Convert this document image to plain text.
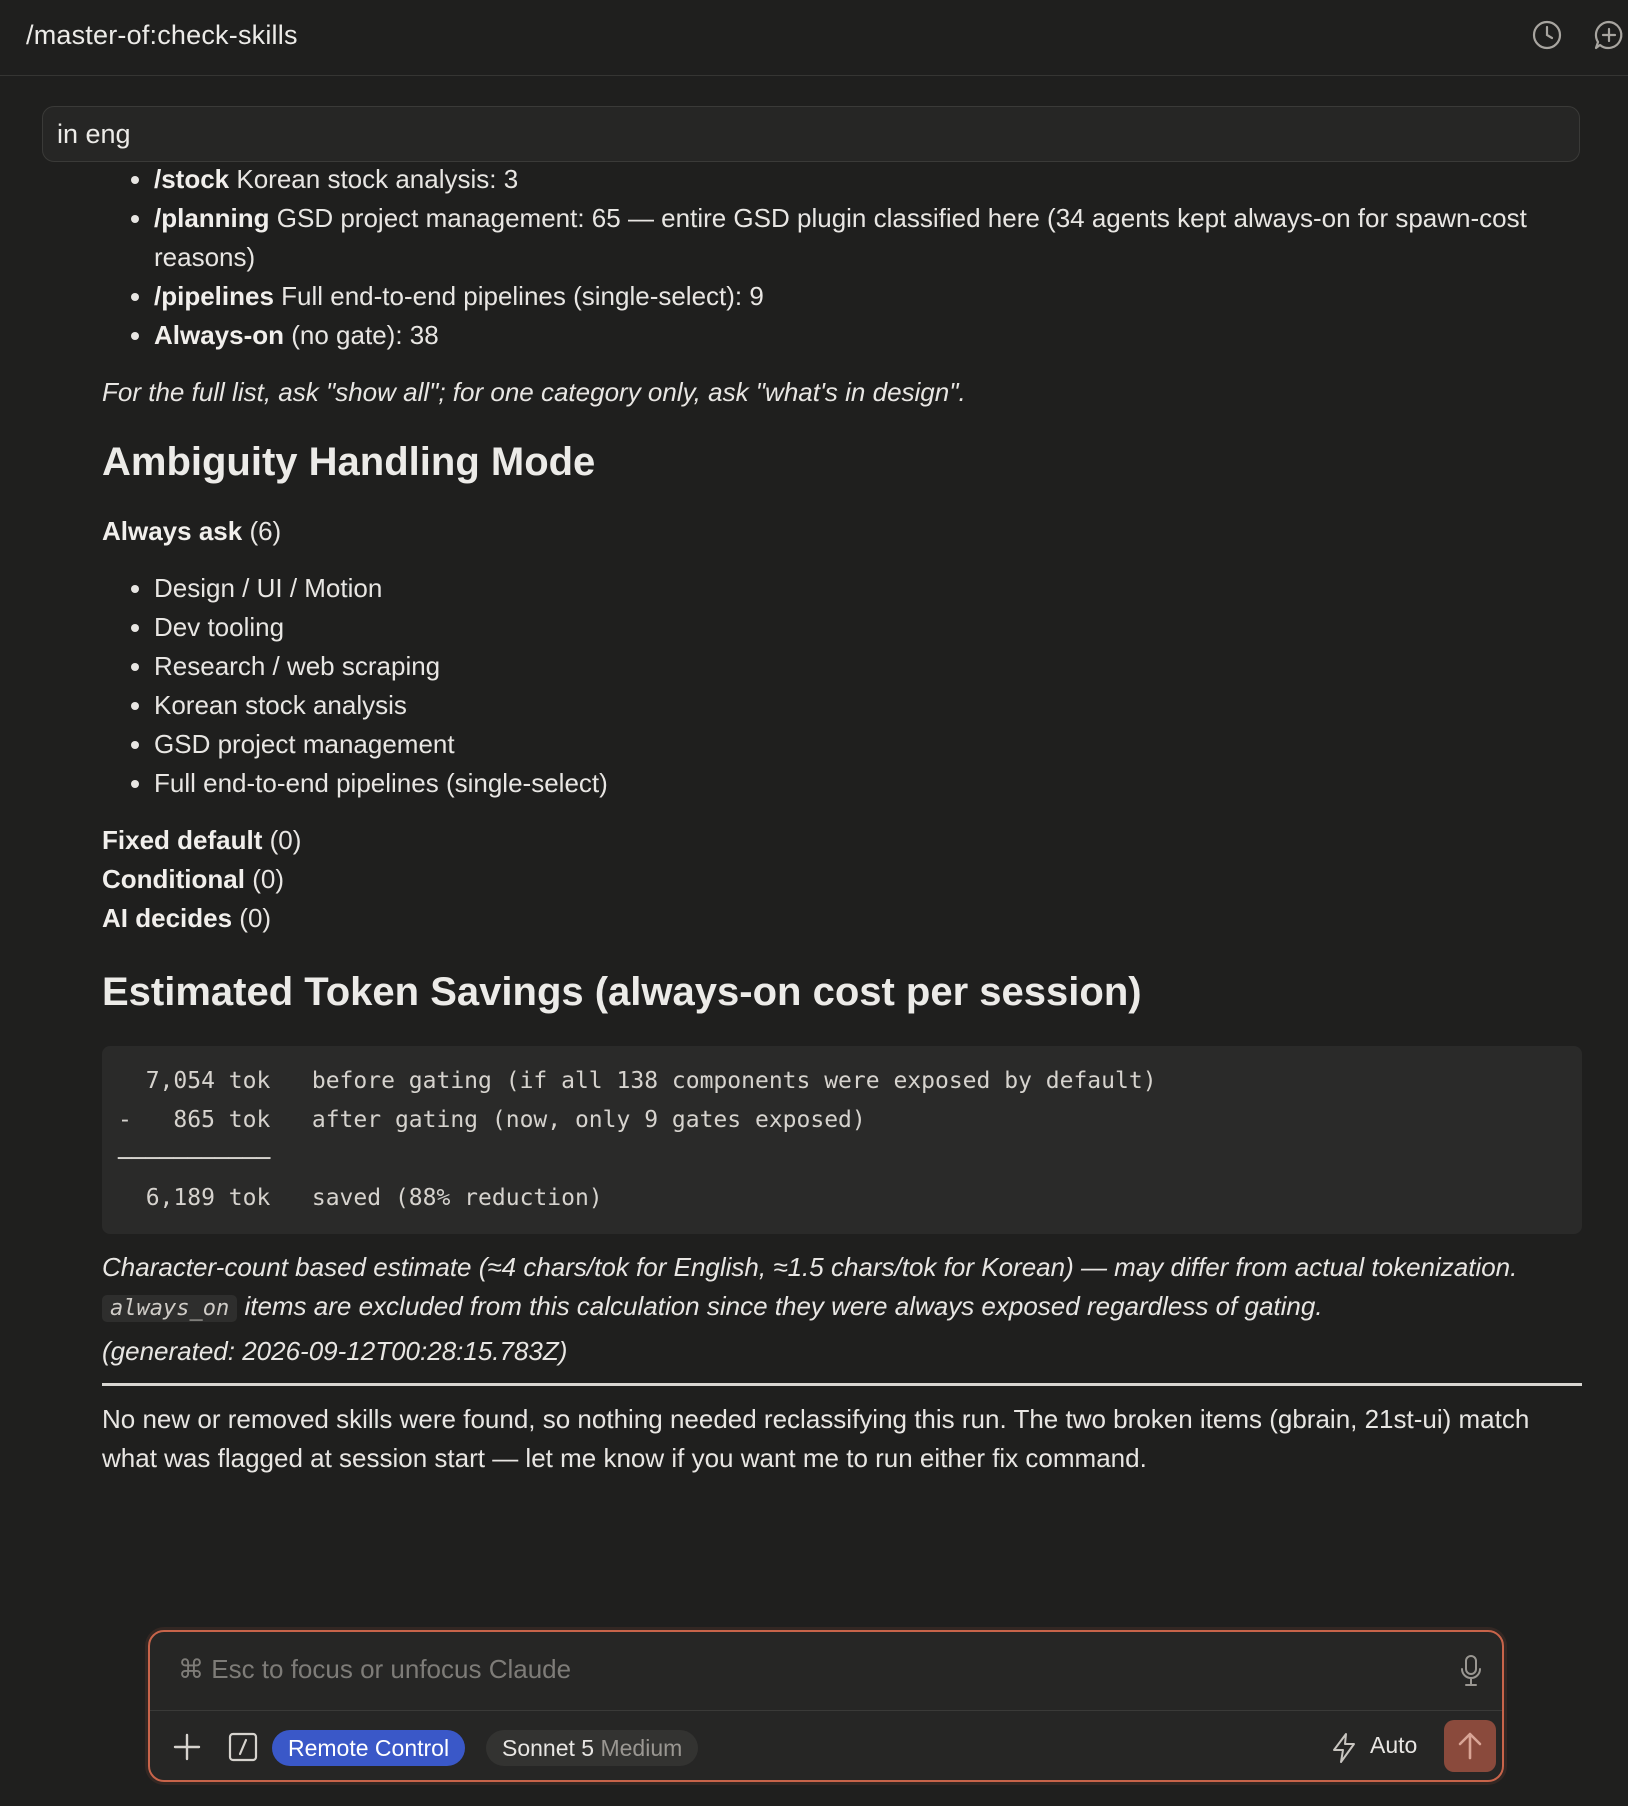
/master-of:check-skills
in eng
• /stock Korean stock analysis: 3
• /planning GSD project management: 65 — entire GSD plugin classified here (34 agents kept always-on for spawn-cost reasons)
• /pipelines Full end-to-end pipelines (single-select): 9
• Always-on (no gate): 38
For the full list, ask "show all"; for one category only, ask "what's in design".
Ambiguity Handling Mode
Always ask (6)
• Design / UI / Motion
• Dev tooling
• Research / web scraping
• Korean stock analysis
• GSD project management
• Full end-to-end pipelines (single-select)
Fixed default (0)
Conditional (0)
AI decides (0)
Estimated Token Savings (always-on cost per session)
7,054 tok   before gating (if all 138 components were exposed by default)
-   865 tok   after gating (now, only 9 gates exposed)
───────────
6,189 tok   saved (88% reduction)
Character-count based estimate (≈4 chars/tok for English, ≈1.5 chars/tok for Korean) — may differ from actual tokenization. always_on items are excluded from this calculation since they were always exposed regardless of gating.
(generated: 2026-09-12T00:28:15.783Z)
No new or removed skills were found, so nothing needed reclassifying this run. The two broken items (gbrain, 21st-ui) match what was flagged at session start — let me know if you want me to run either fix command.
⌘ Esc to focus or unfocus Claude
Remote Control	Sonnet 5 Medium	Auto
